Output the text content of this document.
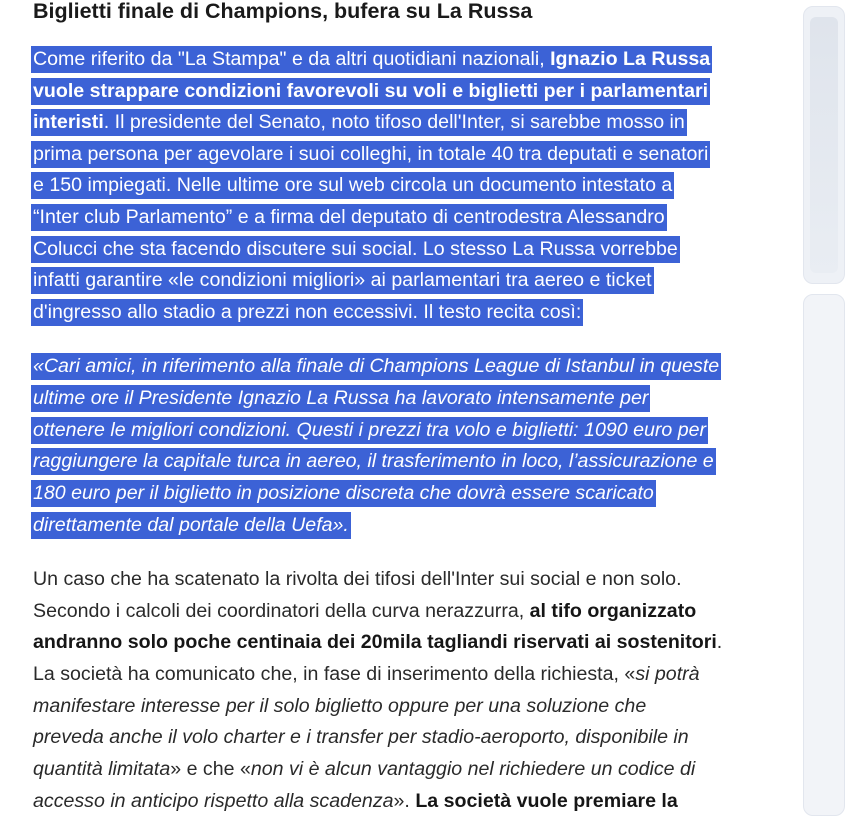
Biglietti finale di Champions, bufera su La Russa
Come riferito da "La Stampa" e da altri quotidiani nazionali, Ignazio La Russa
vuole strappare condizioni favorevoli su voli e biglietti per i parlamentari
interisti. Il presidente del Senato, noto tifoso dell'Inter, si sarebbe mosso in
prima persona per agevolare i suoi colleghi, in totale 40 tra deputati e senatori
e 150 impiegati. Nelle ultime ore sul web circola un documento intestato a
“Inter club Parlamento” e a firma del deputato di centrodestra Alessandro
Colucci che sta facendo discutere sui social. Lo stesso La Russa vorrebbe
infatti garantire «le condizioni migliori» ai parlamentari tra aereo e ticket
d'ingresso allo stadio a prezzi non eccessivi. Il testo recita così:
«Cari amici, in riferimento alla finale di Champions League di Istanbul in queste
ultime ore il Presidente Ignazio La Russa ha lavorato intensamente per
ottenere le migliori condizioni. Questi i prezzi tra volo e biglietti: 1090 euro per
raggiungere la capitale turca in aereo, il trasferimento in loco, l’assicurazione e
180 euro per il biglietto in posizione discreta che dovrà essere scaricato
direttamente dal portale della Uefa».
Un caso che ha scatenato la rivolta dei tifosi dell'Inter sui social e non solo.
Secondo i calcoli dei coordinatori della curva nerazzurra, al tifo organizzato
andranno solo poche centinaia dei 20mila tagliandi riservati ai sostenitori.
La società ha comunicato che, in fase di inserimento della richiesta, «si potrà
manifestare interesse per il solo biglietto oppure per una soluzione che
preveda anche il volo charter e i transfer per stadio-aeroporto, disponibile in
quantità limitata» e che «non vi è alcun vantaggio nel richiedere un codice di
accesso in anticipo rispetto alla scadenza». La società vuole premiare la
